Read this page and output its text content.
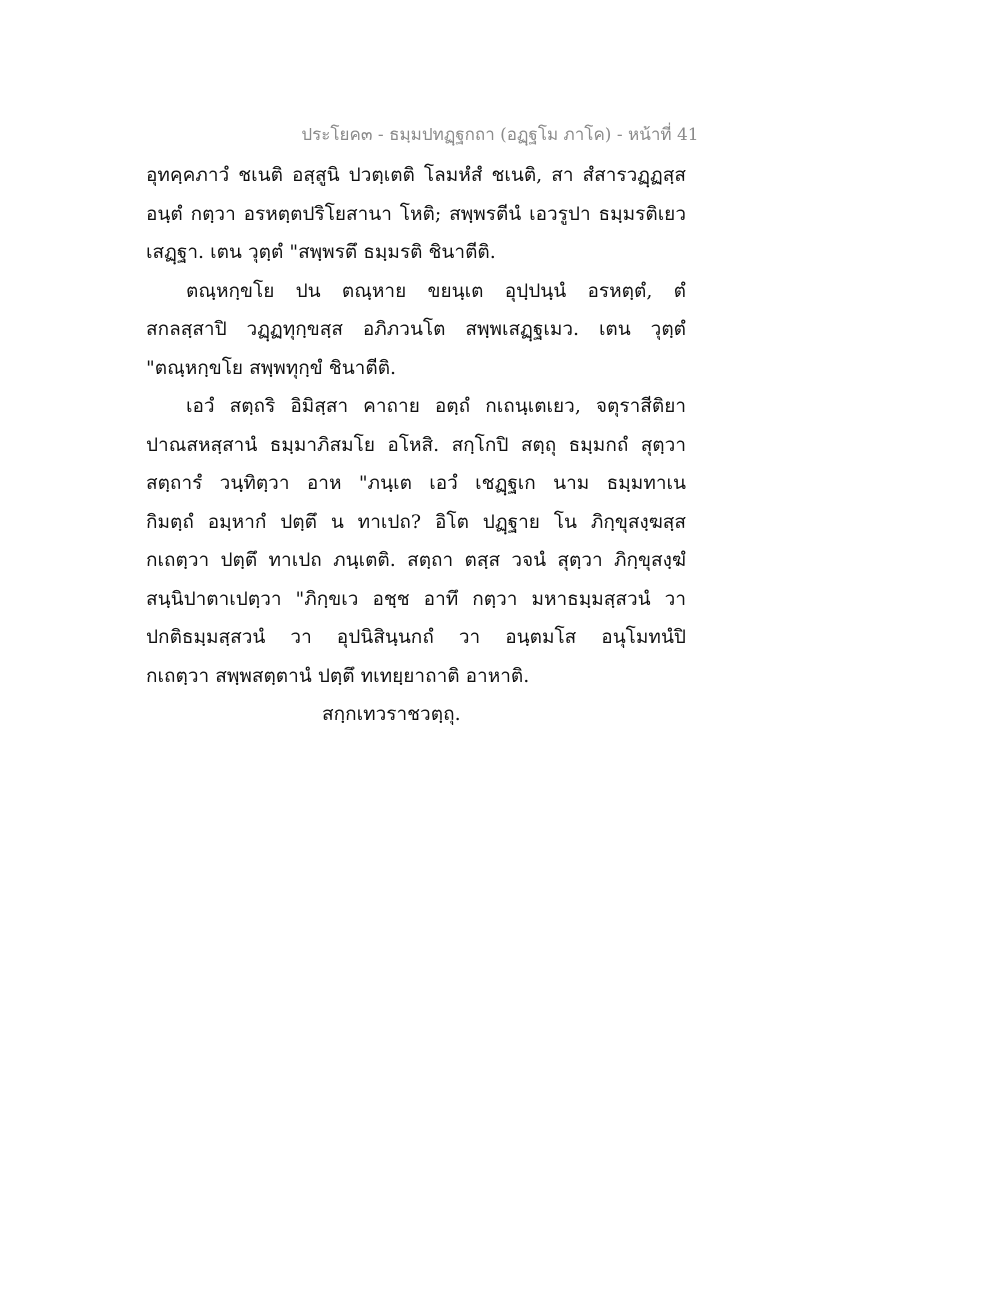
ประโยค๓ - ธมฺมปทฏฺฐกถา (อฏฺฐโม ภาโค) - หน้าที่ 41
อุทคฺคภาวํ ชเนติ อสฺสูนิ ปวตฺเตติ โลมหํสํ ชเนติ, สา สํสารวฏฺฏสฺส
อนฺตํ กตฺวา อรหตฺตปริโยสานา โหติ; สพฺพรตีนํ เอวรูปา ธมฺมรติเยว
เสฏฺฐา. เตน วุตฺตํ "สพฺพรตึ ธมฺมรติ ชินาตีติ.
ตณฺหกฺขโย ปน ตณฺหาย ขยนฺเต อุปฺปนฺนํ อรหตฺตํ, ตํ
สกลสฺสาปิ วฏฺฏทุกฺขสฺส อภิภวนโต สพฺพเสฏฺฐเมว. เตน วุตฺตํ
"ตณฺหกฺขโย สพฺพทุกฺขํ ชินาตีติ.
เอวํ สตฺถริ อิมิสฺสา คาถาย อตฺถํ กเถนฺเตเยว, จตุราสีติยา
ปาณสหสฺสานํ ธมฺมาภิสมโย อโหสิ. สกฺโกปิ สตฺถุ ธมฺมกถํ สุตฺวา
สตฺถารํ วนฺทิตฺวา อาห "ภนฺเต เอวํ เชฏฺฐเก นาม ธมฺมทาเน
กิมตฺถํ อมฺหากํ ปตฺตึ น ทาเปถ? อิโต ปฏฺฐาย โน ภิกฺขุสงฺฆสฺส
กเถตฺวา ปตฺตึ ทาเปถ ภนฺเตติ. สตฺถา ตสฺส วจนํ สุตฺวา ภิกฺขุสงฺฆํ
สนฺนิปาตาเปตฺวา "ภิกฺขเว อชฺช อาทึ กตฺวา มหาธมฺมสฺสวนํ วา
ปกติธมฺมสฺสวนํ วา อุปนิสินฺนกถํ วา อนฺตมโส อนุโมทนํปิ
กเถตฺวา สพฺพสตฺตานํ ปตฺตึ ทเทยฺยาถาติ อาหาติ.
สกฺกเทวราชวตฺถุ.
